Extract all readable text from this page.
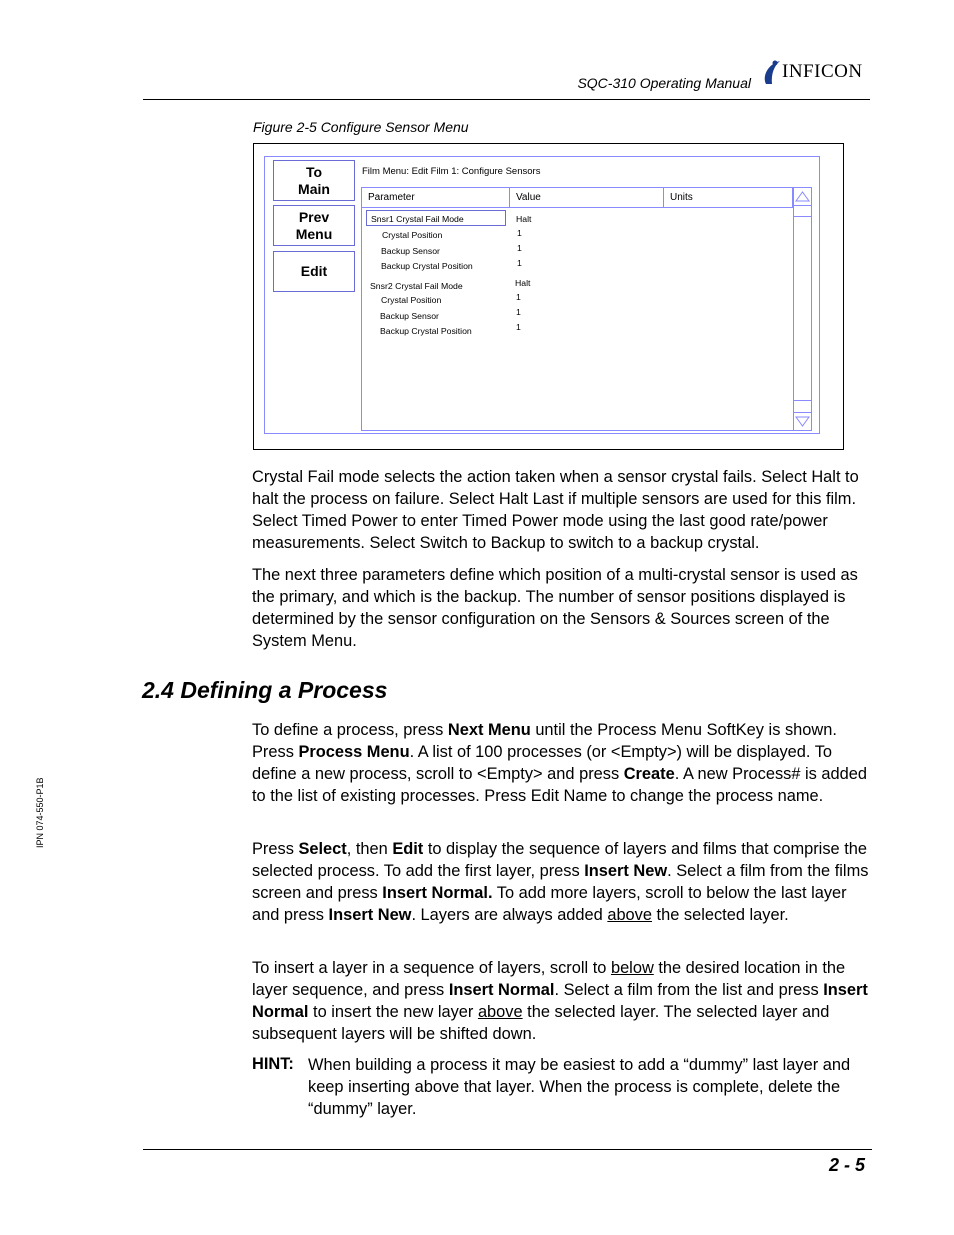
SQC-310 Operating Manual
INFICON
Figure 2-5 Configure Sensor Menu
To
Main
Prev
Menu
Edit
Film Menu: Edit Film 1: Configure Sensors
Parameter	Value	Units
Snsr1 Crystal Fail Mode	Halt
Crystal Position	1
Backup Sensor	1
Backup Crystal Position	1
Snsr2 Crystal Fail Mode	Halt
Crystal Position	1
Backup Sensor	1
Backup Crystal Position	1
Crystal Fail mode selects the action taken when a sensor crystal fails. Select Halt to halt the process on failure. Select Halt Last if multiple sensors are used for this film. Select Timed Power to enter Timed Power mode using the last good rate/power measurements. Select Switch to Backup to switch to a backup crystal.
The next three parameters define which position of a multi-crystal sensor is used as the primary, and which is the backup. The number of sensor positions displayed is determined by the sensor configuration on the Sensors & Sources screen of the System Menu.
2.4 Defining a Process
To define a process, press Next Menu until the Process Menu SoftKey is shown. Press Process Menu. A list of 100 processes (or <Empty>) will be displayed. To define a new process, scroll to <Empty> and press Create. A new Process# is added to the list of existing processes. Press Edit Name to change the process name.
Press Select, then Edit to display the sequence of layers and films that comprise the selected process. To add the first layer, press Insert New. Select a film from the films screen and press Insert Normal. To add more layers, scroll to below the last layer and press Insert New. Layers are always added above the selected layer.
To insert a layer in a sequence of layers, scroll to below the desired location in the layer sequence, and press Insert Normal. Select a film from the list and press Insert Normal to insert the new layer above the selected layer. The selected layer and subsequent layers will be shifted down.
HINT: When building a process it may be easiest to add a “dummy” last layer and keep inserting above that layer. When the process is complete, delete the “dummy” layer.
IPN 074-550-P1B
2 - 5
